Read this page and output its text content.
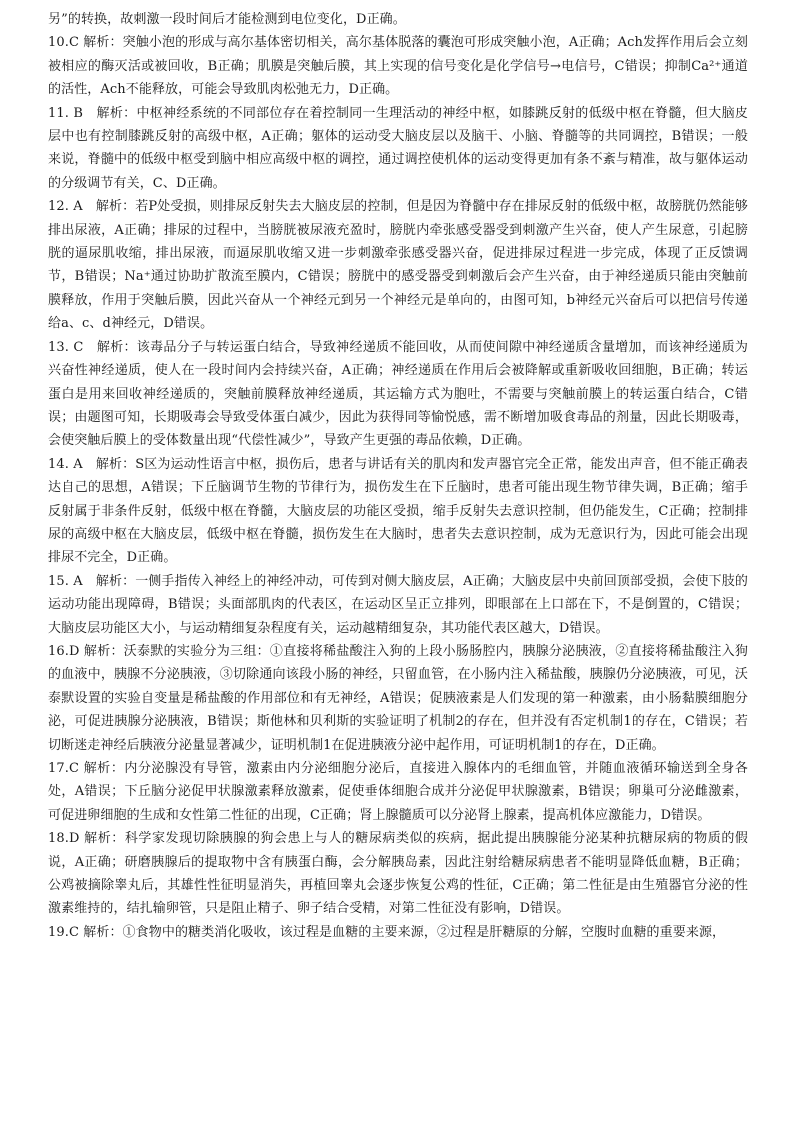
另”的转换，故刺激一段时间后才能检测到电位变化，D正确。

10.C 解析：突触小泡的形成与高尔基体密切相关，高尔基体脱落的囊泡可形成突触小泡，A正确；Ach发挥作用后会立刻被相应的酶灭活或被回收，B正确；肌膜是突触后膜，其上实现的信号变化是化学信号→电信号，C错误；抑制Ca²⁺通道的活性，Ach不能释放，可能会导致肌肉松弛无力，D正确。

11. B　解析：中枢神经系统的不同部位存在着控制同一生理活动的神经中枢，如膝跳反射的低级中枢在脊髓，但大脑皮层中也有控制膝跳反射的高级中枢，A正确；躯体的运动受大脑皮层以及脑干、小脑、脊髓等的共同调控，B错误；一般来说，脊髓中的低级中枢受到脑中相应高级中枢的调控，通过调控使机体的运动变得更加有条不紊与精准，故与躯体运动的分级调节有关，C、D正确。

12. A　解析：若P处受损，则排尿反射失去大脑皮层的控制，但是因为脊髓中存在排尿反射的低级中枢，故膀胱仍然能够排出尿液，A正确；排尿的过程中，当膀胱被尿液充盈时，膀胱内牵张感受器受到刺激产生兴奋，使人产生尿意，引起膀胱的逼尿肌收缩，排出尿液，而逼尿肌收缩又进一步刺激牵张感受器兴奋，促进排尿过程进一步完成，体现了正反馈调节，B错误；Na⁺通过协助扩散流至膜内，C错误；膀胱中的感受器受到刺激后会产生兴奋，由于神经递质只能由突触前膜释放，作用于突触后膜，因此兴奋从一个神经元到另一个神经元是单向的，由图可知，b神经元兴奋后可以把信号传递给a、c、d神经元，D错误。

13. C　解析：该毒品分子与转运蛋白结合，导致神经递质不能回收，从而使间隙中神经递质含量增加，而该神经递质为兴奋性神经递质，使人在一段时间内会持续兴奋，A正确；神经递质在作用后会被降解或重新吸收回细胞，B正确；转运蛋白是用来回收神经递质的，突触前膜释放神经递质，其运输方式为胞吐，不需要与突触前膜上的转运蛋白结合，C错误；由题图可知，长期吸毒会导致受体蛋白减少，因此为获得同等愉悦感，需不断增加吸食毒品的剂量，因此长期吸毒，会使突触后膜上的受体数量出现“代偿性减少”，导致产生更强的毒品依赖，D正确。

14. A　解析：S区为运动性语言中枢，损伤后，患者与讲话有关的肌肉和发声器官完全正常，能发出声音，但不能正确表达自己的思想，A错误；下丘脑调节生物的节律行为，损伤发生在下丘脑时，患者可能出现生物节律失调，B正确；缩手反射属于非条件反射，低级中枢在脊髓，大脑皮层的功能区受损，缩手反射失去意识控制，但仍能发生，C正确；控制排尿的高级中枢在大脑皮层，低级中枢在脊髓，损伤发生在大脑时，患者失去意识控制，成为无意识行为，因此可能会出现排尿不完全，D正确。

15. A　解析：一侧手指传入神经上的神经冲动，可传到对侧大脑皮层，A正确；大脑皮层中央前回顶部受损，会使下肢的运动功能出现障碍，B错误；头面部肌肉的代表区，在运动区呈正立排列，即眼部在上口部在下，不是倒置的，C错误；大脑皮层功能区大小，与运动精细复杂程度有关，运动越精细复杂，其功能代表区越大，D错误。

16.D 解析：沃泰默的实验分为三组：①直接将稀盐酸注入狗的上段小肠肠腔内，胰腺分泌胰液，②直接将稀盐酸注入狗的血液中，胰腺不分泌胰液，③切除通向该段小肠的神经，只留血管，在小肠内注入稀盐酸，胰腺仍分泌胰液，可见，沃泰默设置的实验自变量是稀盐酸的作用部位和有无神经，A错误；促胰液素是人们发现的第一种激素，由小肠黏膜细胞分泌，可促进胰腺分泌胰液，B错误；斯他林和贝利斯的实验证明了机制2的存在，但并没有否定机制1的存在，C错误；若切断迷走神经后胰液分泌量显著减少，证明机制1在促进胰液分泌中起作用，可证明机制1的存在，D正确。

17.C 解析：内分泌腺没有导管，激素由内分泌细胞分泌后，直接进入腺体内的毛细血管，并随血液循环输送到全身各处，A错误；下丘脑分泌促甲状腺激素释放激素，促使垂体细胞合成并分泌促甲状腺激素，B错误；卵巢可分泌雌激素，可促进卵细胞的生成和女性第二性征的出现，C正确；肾上腺髓质可以分泌肾上腺素，提高机体应激能力，D错误。

18.D 解析：科学家发现切除胰腺的狗会患上与人的糖尿病类似的疾病，据此提出胰腺能分泌某种抗糖尿病的物质的假说，A正确；研磨胰腺后的提取物中含有胰蛋白酶，会分解胰岛素，因此注射给糖尿病患者不能明显降低血糖，B正确；公鸡被摘除睾丸后，其雄性性征明显消失，再植回睾丸会逐步恢复公鸡的性征，C正确；第二性征是由生殖器官分泌的性激素维持的，结扎输卵管，只是阻止精子、卵子结合受精，对第二性征没有影响，D错误。

19.C 解析：①食物中的糖类消化吸收，该过程是血糖的主要来源，②过程是肝糖原的分解，空腹时血糖的重要来源，
